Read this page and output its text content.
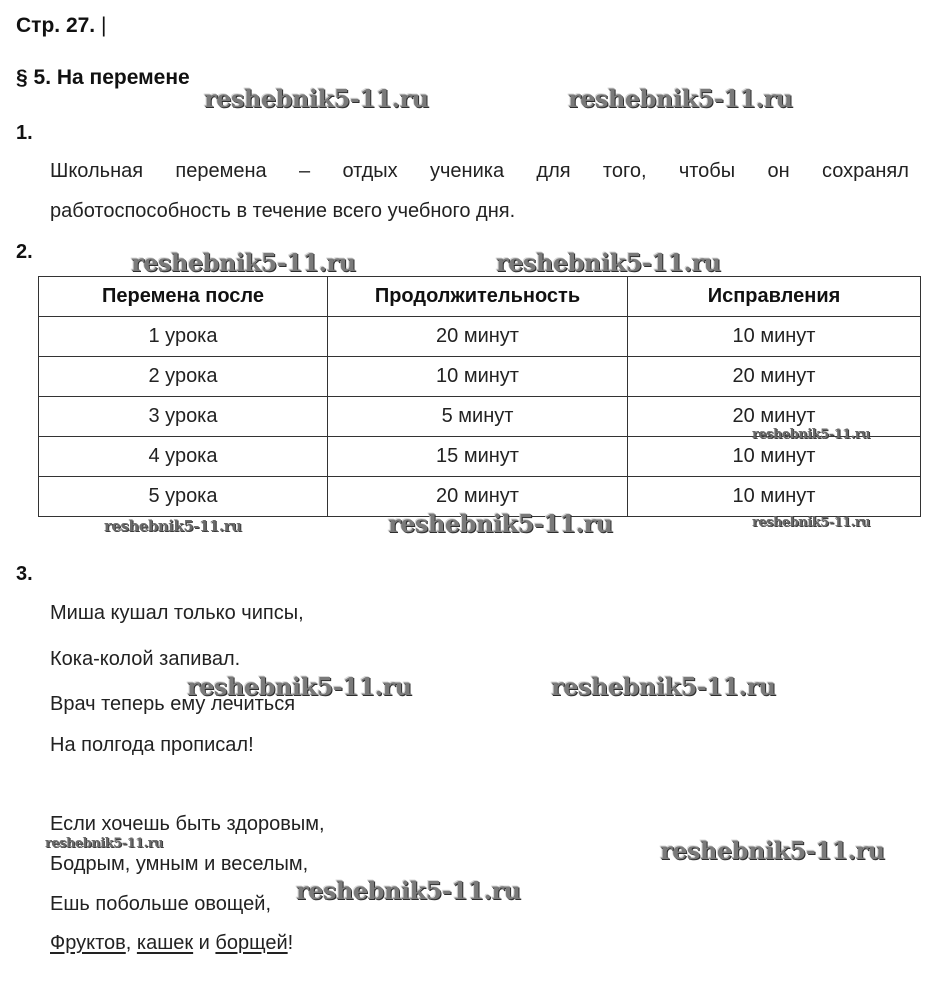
Стр. 27. |
§ 5. На перемене
1.
Школьная перемена – отдых ученика для того, чтобы он сохранял
работоспособность в течение всего учебного дня.
2.
Перемена после	Продолжительность	Исправления
1 урока	20 минут	10 минут
2 урока	10 минут	20 минут
3 урока	5 минут	20 минут
4 урока	15 минут	10 минут
5 урока	20 минут	10 минут
3.
Миша кушал только чипсы,
Кока-колой запивал.
Врач теперь ему лечиться
На полгода прописал!
Если хочешь быть здоровым,
Бодрым, умным и веселым,
Ешь побольше овощей,
Фруктов, кашек и борщей!
reshebnik5-11.ru	reshebnik5-11.ru
reshebnik5-11.ru	reshebnik5-11.ru
reshebnik5-11.ru
reshebnik5-11.ru	reshebnik5-11.ru	reshebnik5-11.ru
reshebnik5-11.ru	reshebnik5-11.ru
reshebnik5-11.ru	reshebnik5-11.ru
reshebnik5-11.ru
